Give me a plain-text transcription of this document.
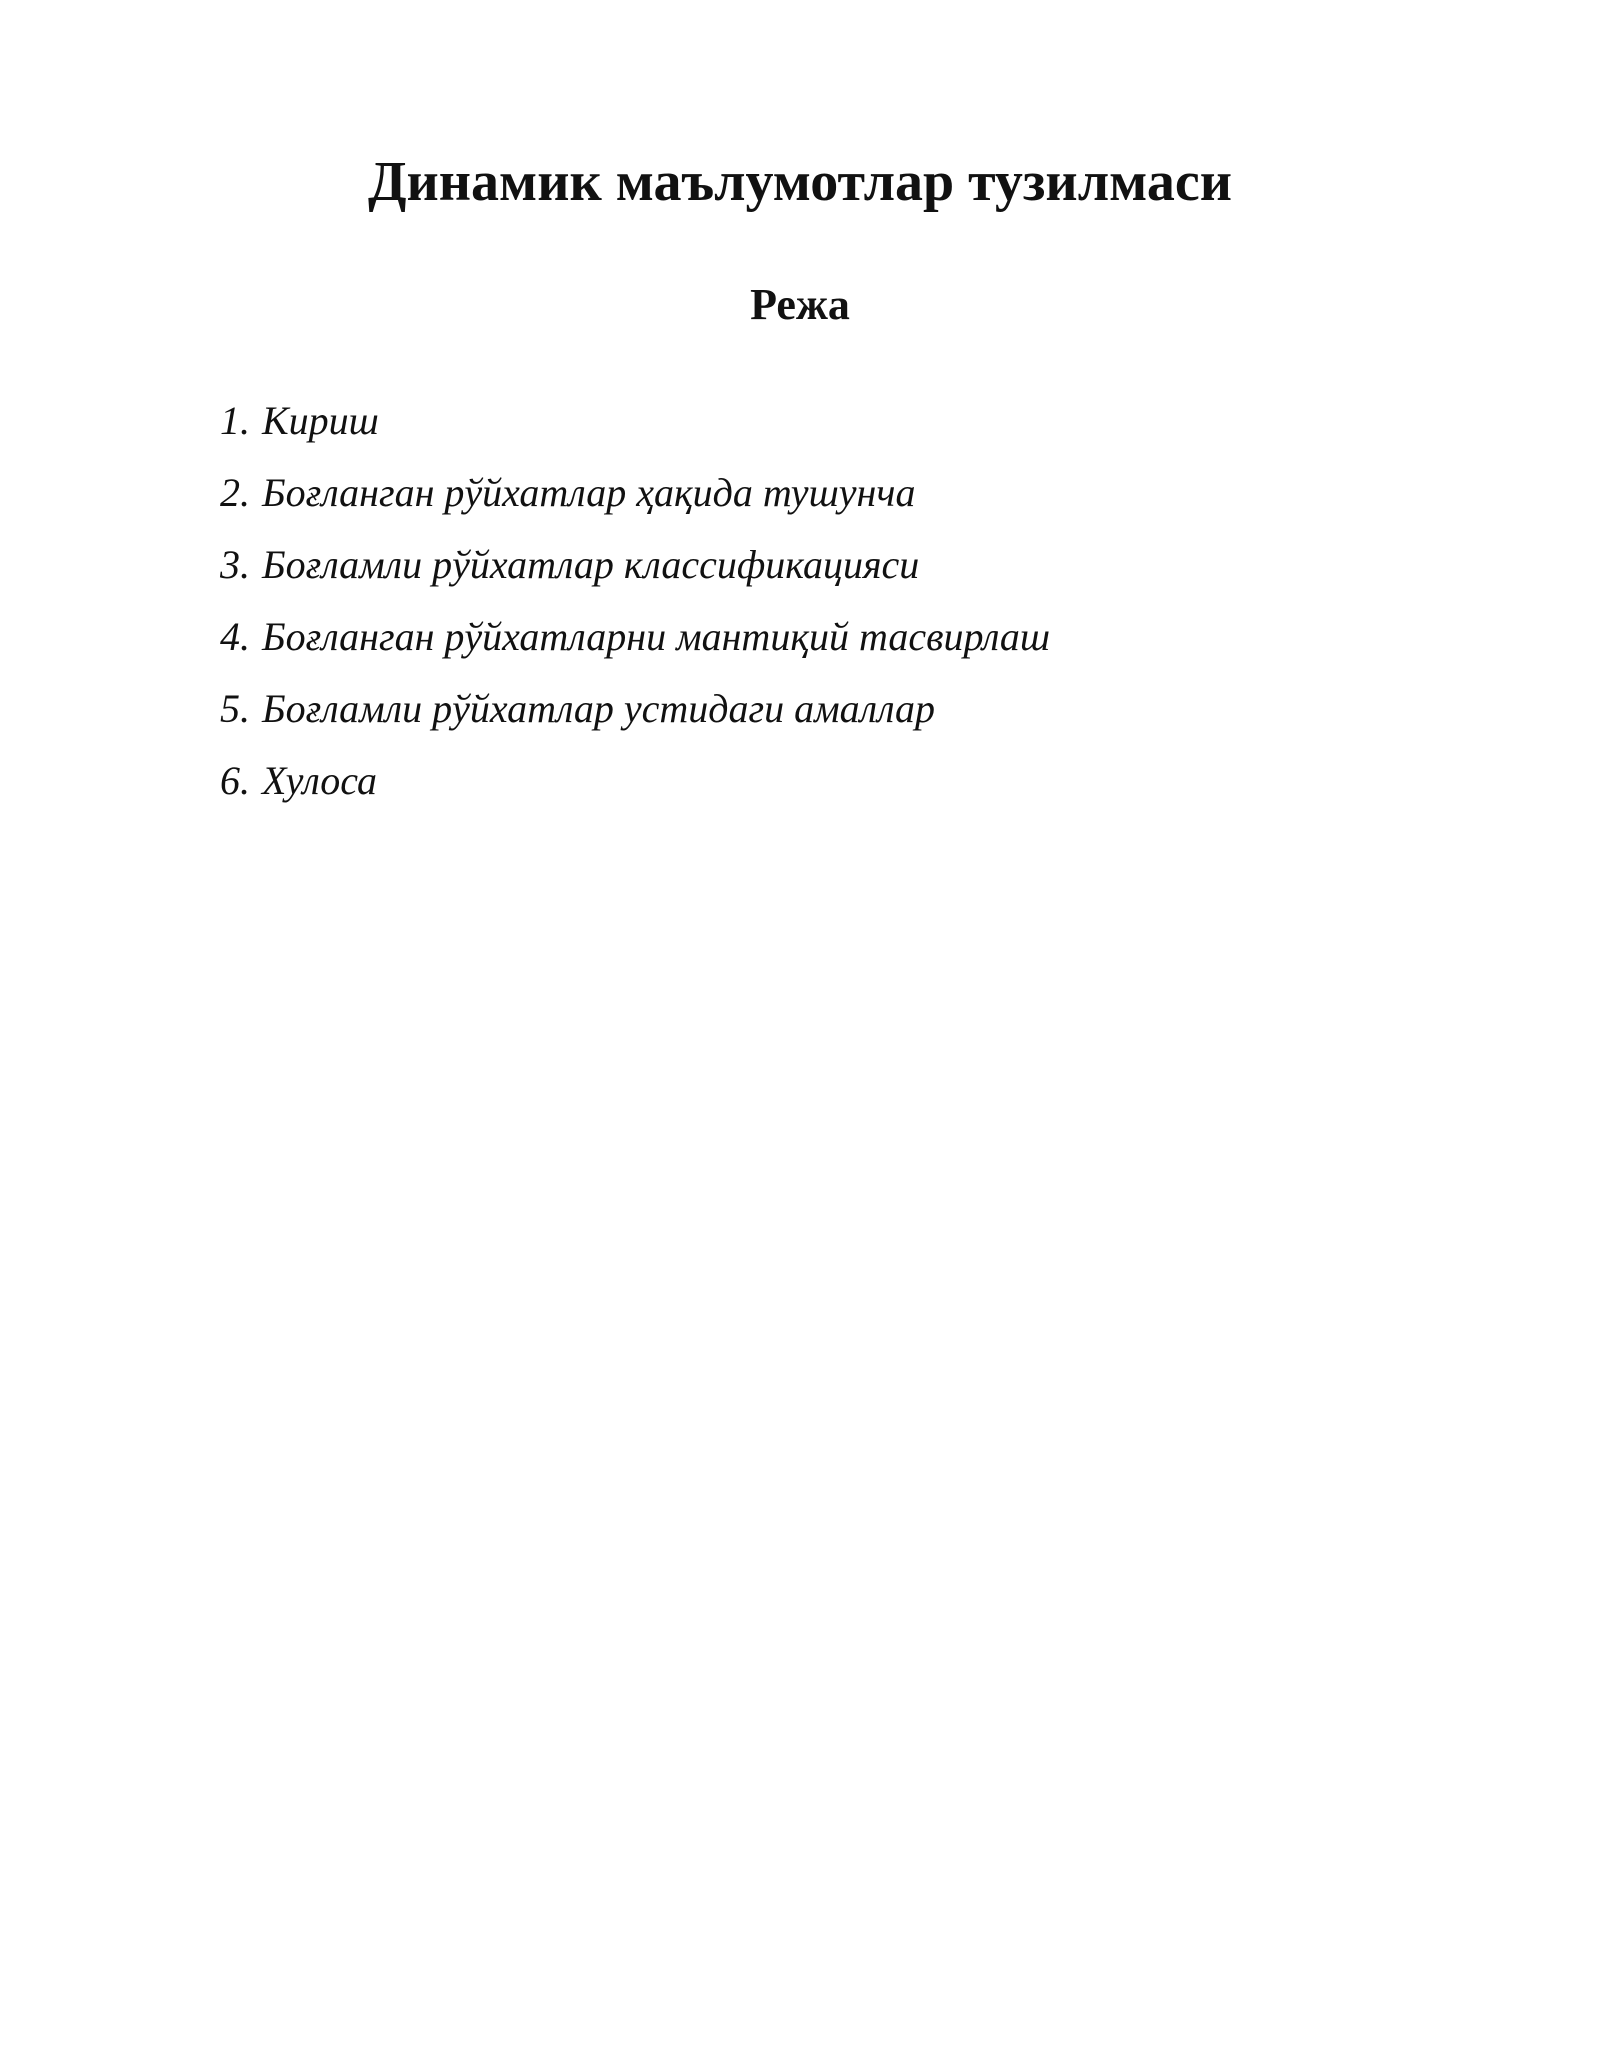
Динамик маълумотлар тузилмаси
Режа
1. Кириш
2. Боғланган рўйхатлар ҳақида тушунча
3. Боғламли рўйхатлар классификацияси
4. Боғланган рўйхатларни мантиқий тасвирлаш
5. Боғламли рўйхатлар устидаги амаллар
6. Хулоса
